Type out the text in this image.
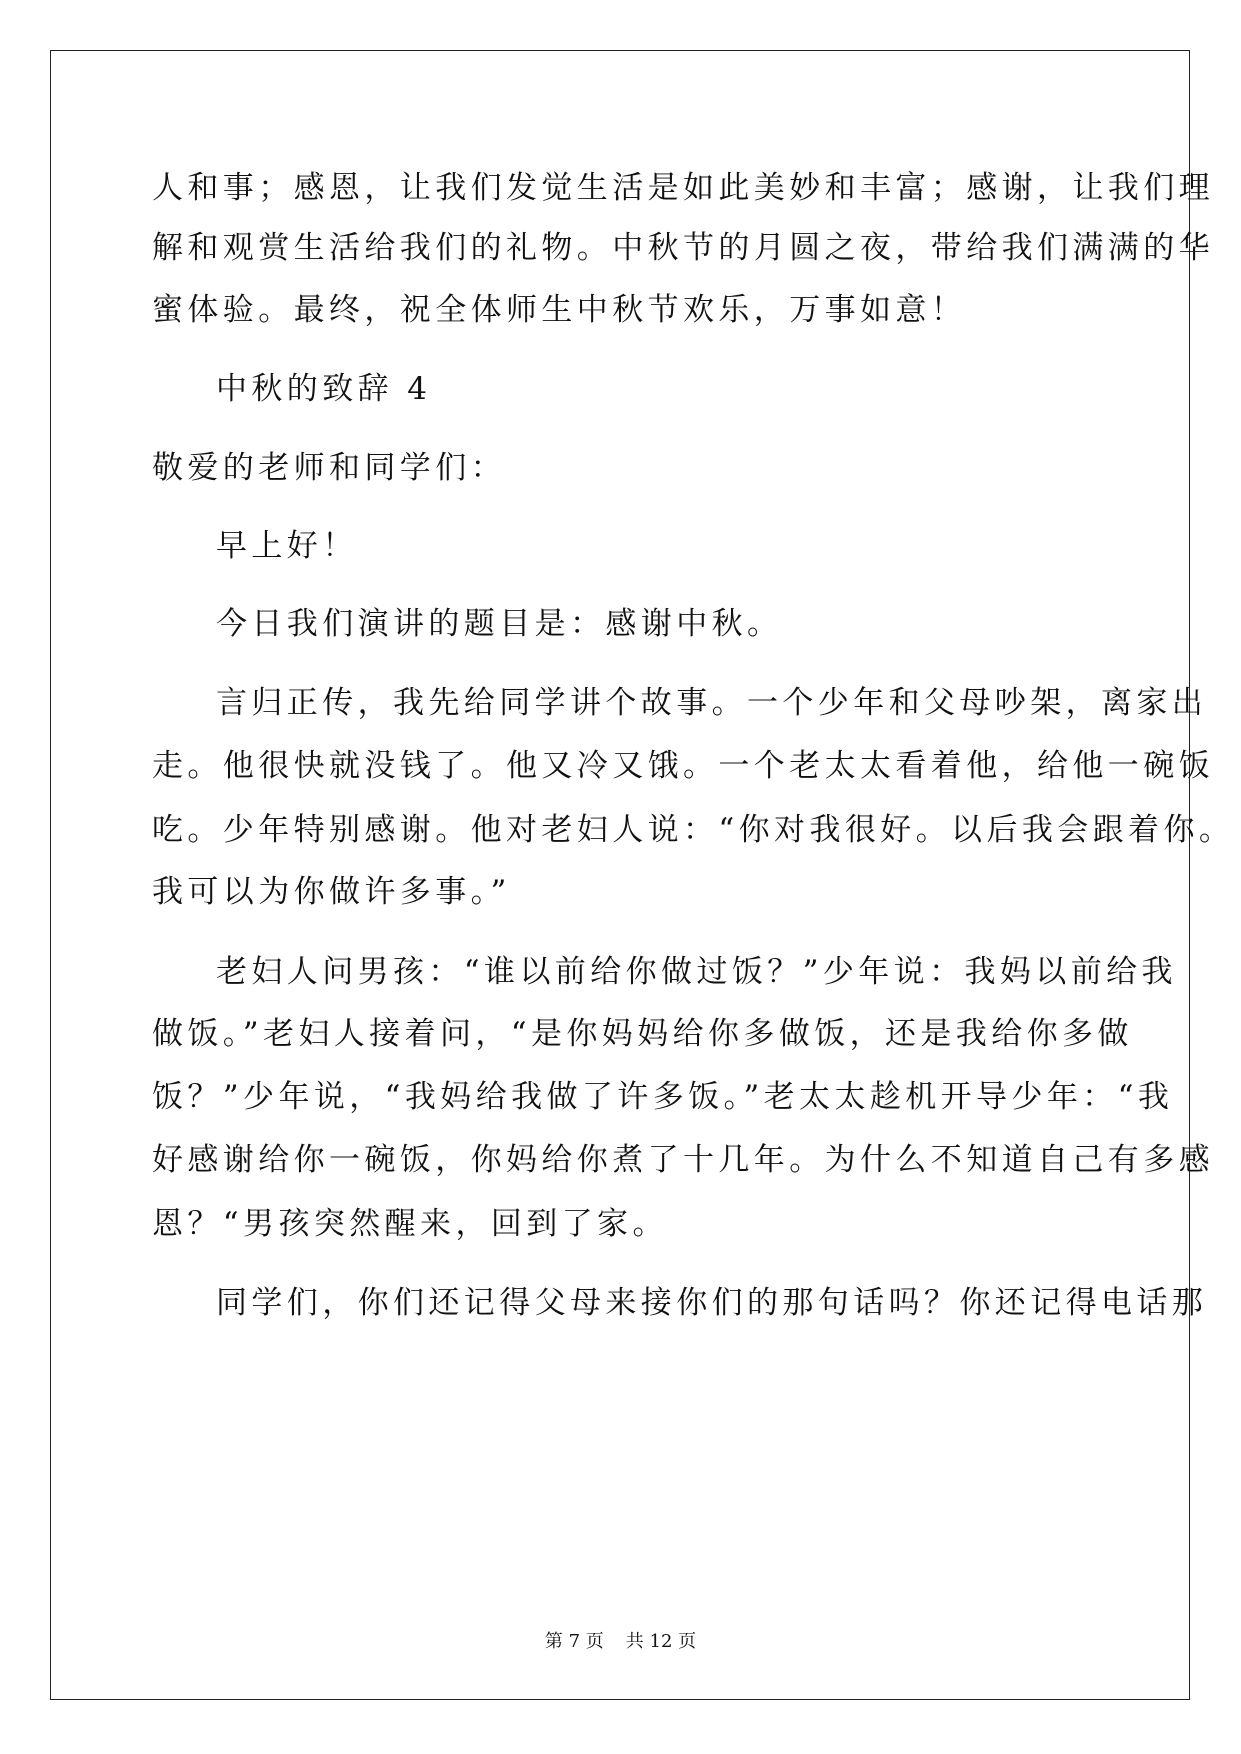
人和事；感恩，让我们发觉生活是如此美妙和丰富；感谢，让我们理
解和观赏生活给我们的礼物。中秋节的月圆之夜，带给我们满满的华
蜜体验。最终，祝全体师生中秋节欢乐，万事如意！
中秋的致辞 4
敬爱的老师和同学们：
早上好！
今日我们演讲的题目是：感谢中秋。
言归正传，我先给同学讲个故事。一个少年和父母吵架，离家出
走。他很快就没钱了。他又冷又饿。一个老太太看着他，给他一碗饭
吃。少年特别感谢。他对老妇人说：“你对我很好。以后我会跟着你。
我可以为你做许多事。”
老妇人问男孩：“谁以前给你做过饭？”少年说：我妈以前给我
做饭。”老妇人接着问，“是你妈妈给你多做饭，还是我给你多做
饭？”少年说，“我妈给我做了许多饭。”老太太趁机开导少年：“我
好感谢给你一碗饭，你妈给你煮了十几年。为什么不知道自己有多感
恩？“男孩突然醒来，回到了家。
同学们，你们还记得父母来接你们的那句话吗？你还记得电话那
第 7 页 共 12 页
